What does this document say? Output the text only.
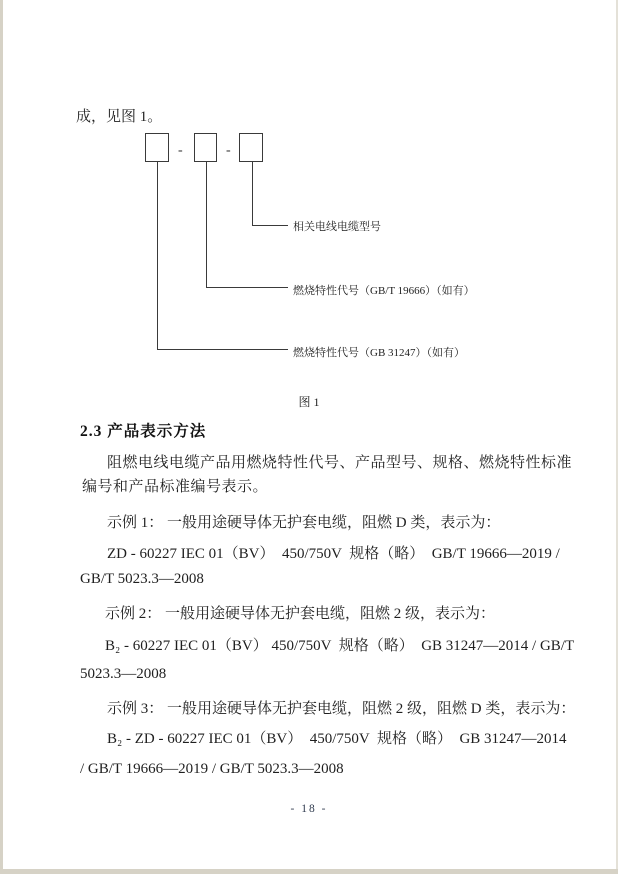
成，见图 1。
-	-
相关电线电缆型号
燃烧特性代号（GB/T 19666）（如有）
燃烧特性代号（GB 31247）（如有）
图 1
2.3 产品表示方法
阻燃电线电缆产品用燃烧特性代号、产品型号、规格、燃烧特性标准
编号和产品标准编号表示。
示例 1： 一般用途硬导体无护套电缆，阻燃 D 类，表示为：
ZD - 60227 IEC 01（BV）  450/750V  规格（略）  GB/T 19666—2019 /
GB/T 5023.3—2008
示例 2： 一般用途硬导体无护套电缆，阻燃 2 级，表示为：
B₂ - 60227 IEC 01（BV） 450/750V  规格（略）  GB 31247—2014 / GB/T
5023.3—2008
示例 3： 一般用途硬导体无护套电缆，阻燃 2 级，阻燃 D 类，表示为：
B₂ - ZD - 60227 IEC 01（BV）  450/750V  规格（略）  GB 31247—2014
/ GB/T 19666—2019 / GB/T 5023.3—2008
- 18 -
